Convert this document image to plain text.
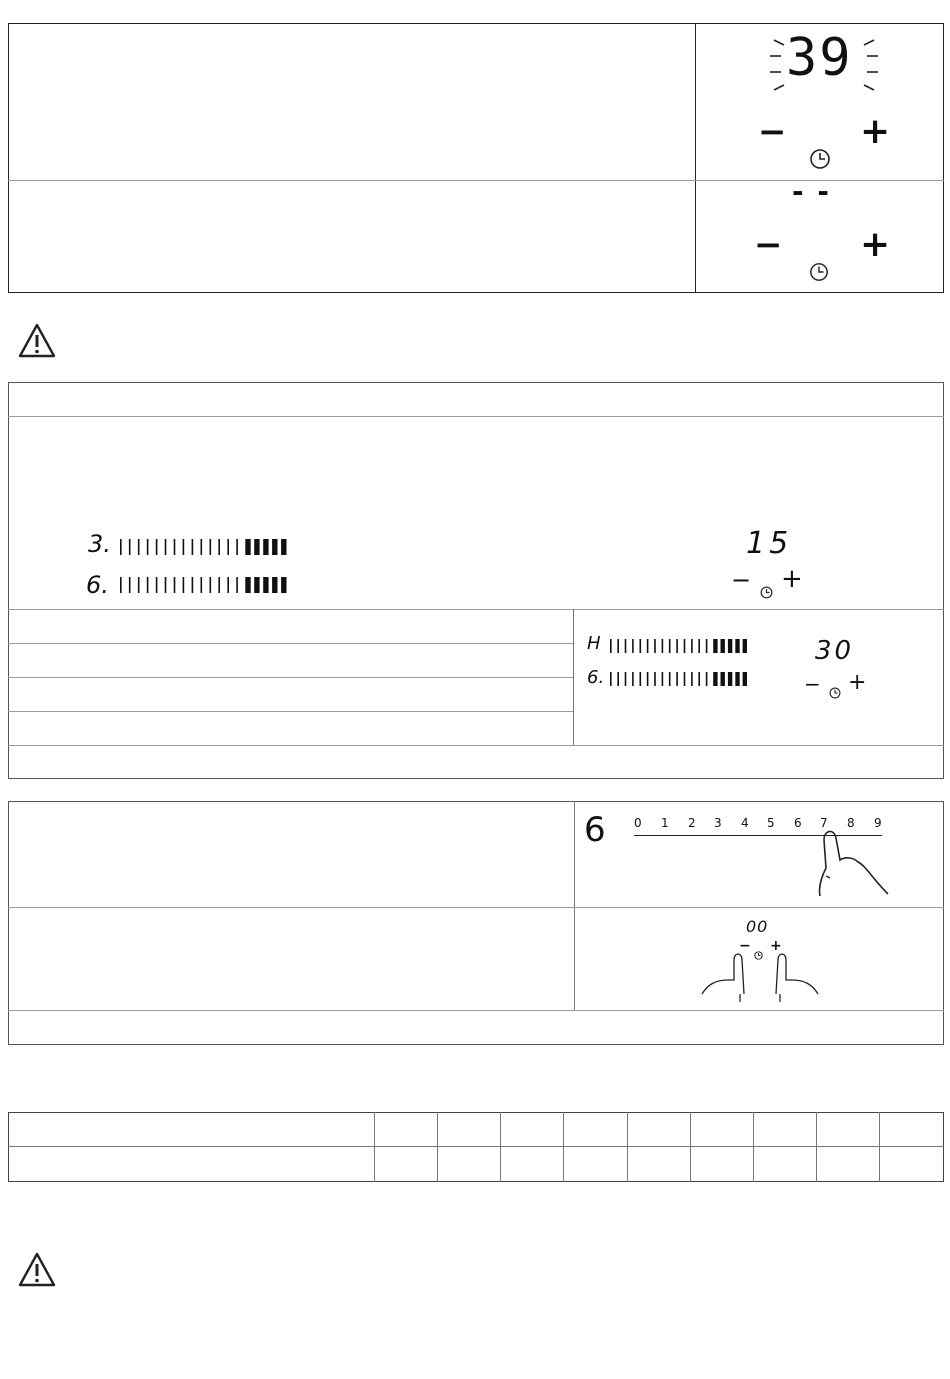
39
− +
- -
− +
3.
6.
15
− +
H
6.
30
− +
6 0 1 2 3 4 5 6 7 8 9
00
− +
